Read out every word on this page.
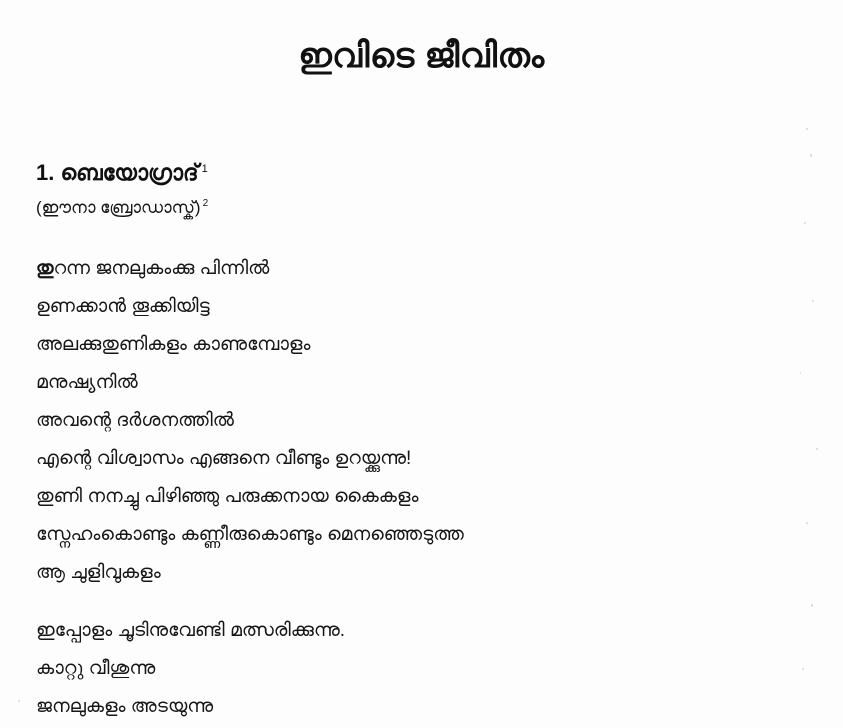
ഇവിടെ ജീവിതം
1. ബെയോഗ്രാദ് $^1$
(ഈനാ ബ്രോഡാസ്ക്) $^2$
തുറന്ന ജനലുകംക്കു പിന്നിൽ
ഉണക്കാൻ തൂക്കിയിട്ട
അലക്കുതുണികളം കാണുമ്പോളം
മനുഷ്യനിൽ
അവന്റെ ദർശനത്തിൽ
എന്റെ വിശ്വാസം എങ്ങനെ വീണ്ടും ഉറയ്ക്കുന്നു!
തുണി നനച്ചു പിഴിഞ്ഞു പരുക്കനായ കൈകളം
സ്നേഹംകൊണ്ടും കണ്ണീരുകൊണ്ടും മെനഞ്ഞെടുത്ത
ആ ചുളിവുകളം
ഇപ്പോളം ചൂടിനുവേണ്ടി മത്സരിക്കുന്നു.
കാറ്റു വീശുന്നു
ജനലുകളം അടയുന്നു
